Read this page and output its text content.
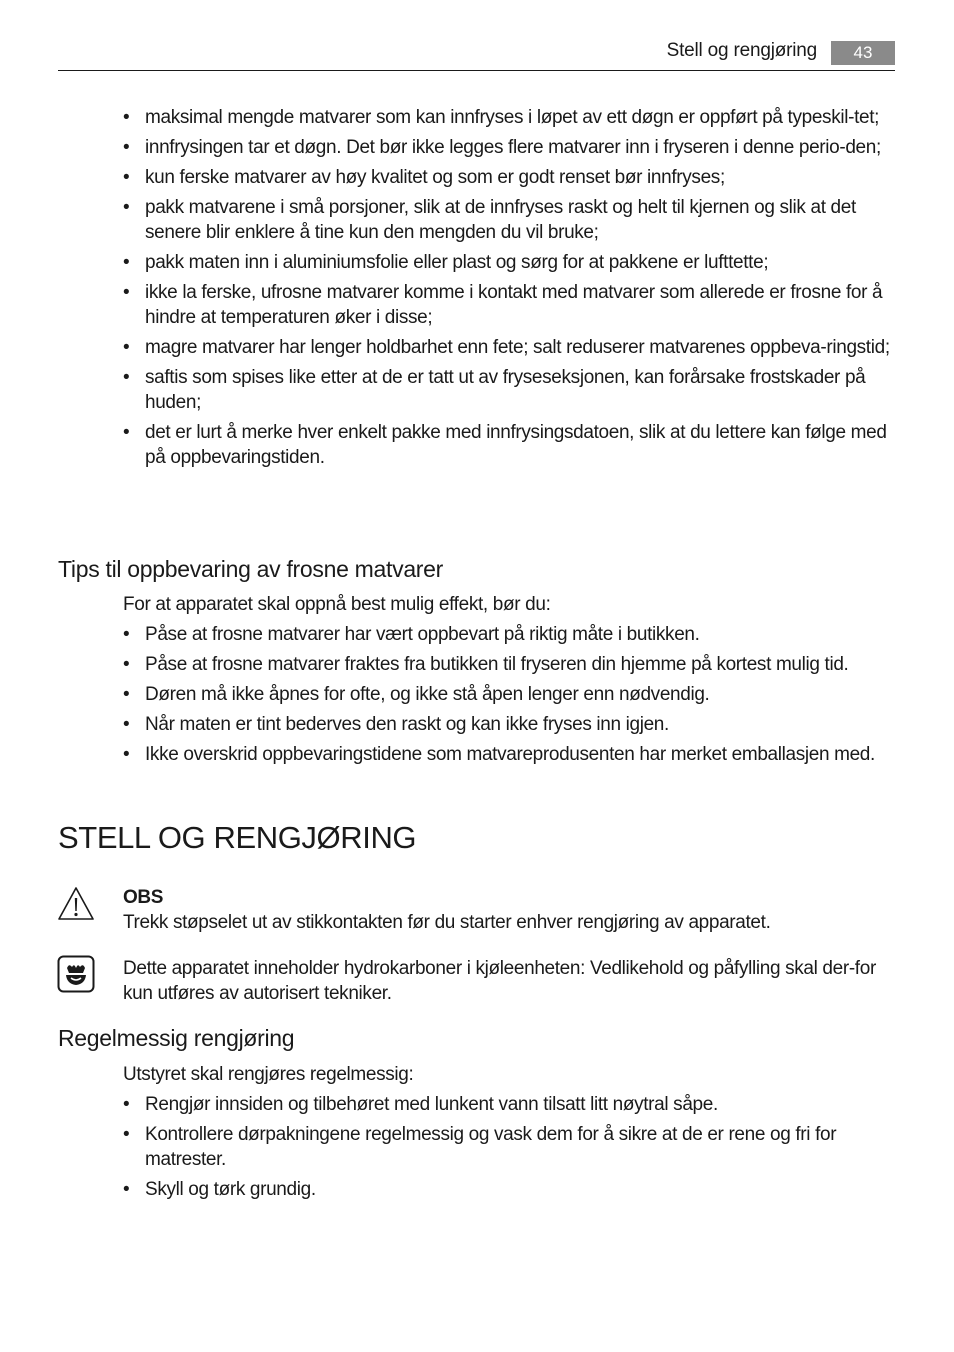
Stell og rengjøring	43
• maksimal mengde matvarer som kan innfryses i løpet av ett døgn er oppført på typeskil-tet;
• innfrysingen tar et døgn. Det bør ikke legges flere matvarer inn i fryseren i denne perio-den;
• kun ferske matvarer av høy kvalitet og som er godt renset bør innfryses;
• pakk matvarene i små porsjoner, slik at de innfryses raskt og helt til kjernen og slik at det senere blir enklere å tine kun den mengden du vil bruke;
• pakk maten inn i aluminiumsfolie eller plast og sørg for at pakkene er lufttette;
• ikke la ferske, ufrosne matvarer komme i kontakt med matvarer som allerede er frosne for å hindre at temperaturen øker i disse;
• magre matvarer har lenger holdbarhet enn fete; salt reduserer matvarenes oppbeva-ringstid;
• saftis som spises like etter at de er tatt ut av fryseseksjonen, kan forårsake frostskader på huden;
• det er lurt å merke hver enkelt pakke med innfrysingsdatoen, slik at du lettere kan følge med på oppbevaringstiden.
Tips til oppbevaring av frosne matvarer
For at apparatet skal oppnå best mulig effekt, bør du:
• Påse at frosne matvarer har vært oppbevart på riktig måte i butikken.
• Påse at frosne matvarer fraktes fra butikken til fryseren din hjemme på kortest mulig tid.
• Døren må ikke åpnes for ofte, og ikke stå åpen lenger enn nødvendig.
• Når maten er tint bederves den raskt og kan ikke fryses inn igjen.
• Ikke overskrid oppbevaringstidene som matvareprodusenten har merket emballasjen med.
STELL OG RENGJØRING
OBS
Trekk støpselet ut av stikkontakten før du starter enhver rengjøring av apparatet.
Dette apparatet inneholder hydrokarboner i kjøleenheten: Vedlikehold og påfylling skal der-for kun utføres av autorisert tekniker.
Regelmessig rengjøring
Utstyret skal rengjøres regelmessig:
• Rengjør innsiden og tilbehøret med lunkent vann tilsatt litt nøytral såpe.
• Kontrollere dørpakningene regelmessig og vask dem for å sikre at de er rene og fri for matrester.
• Skyll og tørk grundig.
